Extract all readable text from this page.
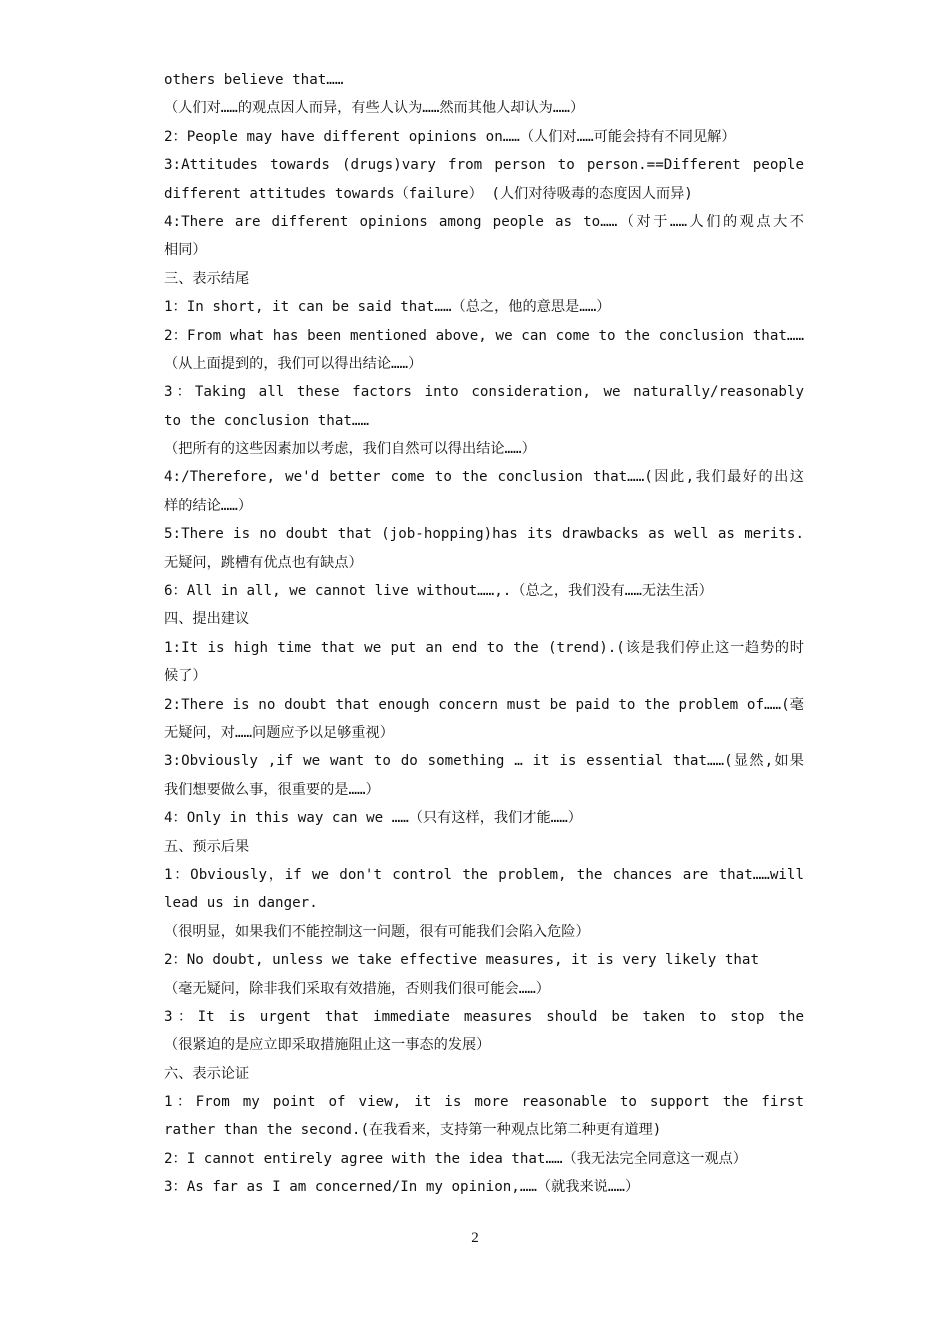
others believe that……
（人们对……的观点因人而异，有些人认为……然而其他人却认为……）
2：People may have different opinions on……（人们对……可能会持有不同见解）
3:Attitudes towards (drugs)vary from person to person.==Different people
different attitudes towards（failure） (人们对待吸毒的态度因人而异)
4:There are different opinions among people as to……（对于……人们的观点大不
相同）
三、表示结尾
1：In short, it can be said that……（总之，他的意思是……）
2：From what has been mentioned above, we can come to the conclusion that……
（从上面提到的，我们可以得出结论……）
3：Taking all these factors into consideration, we naturally/reasonably
to the conclusion that……
（把所有的这些因素加以考虑，我们自然可以得出结论……）
4:/Therefore, we'd better come to the conclusion that……(因此,我们最好的出这
样的结论……）
5:There is no doubt that (job-hopping)has its drawbacks as well as merits.
无疑问，跳槽有优点也有缺点）
6：All in all, we cannot live without……,.（总之，我们没有……无法生活）
四、提出建议
1:It is high time that we put an end to the (trend).(该是我们停止这一趋势的时
候了）
2:There is no doubt that enough concern must be paid to the problem of……(毫
无疑问，对……问题应予以足够重视）
3:Obviously ,if we want to do something … it is essential that……(显然,如果
我们想要做么事，很重要的是……）
4：Only in this way can we ……（只有这样，我们才能……）
五、预示后果
1：Obviously，if we don't control the problem, the chances are that……will
lead us in danger.
（很明显，如果我们不能控制这一问题，很有可能我们会陷入危险）
2：No doubt, unless we take effective measures, it is very likely that
（毫无疑问，除非我们采取有效措施，否则我们很可能会……）
3：It is urgent that immediate measures should be taken to stop the
（很紧迫的是应立即采取措施阻止这一事态的发展）
六、表示论证
1：From my point of view, it is more reasonable to support the first
rather than the second.(在我看来，支持第一种观点比第二种更有道理)
2：I cannot entirely agree with the idea that……（我无法完全同意这一观点）
3：As far as I am concerned/In my opinion,……（就我来说……）
2
